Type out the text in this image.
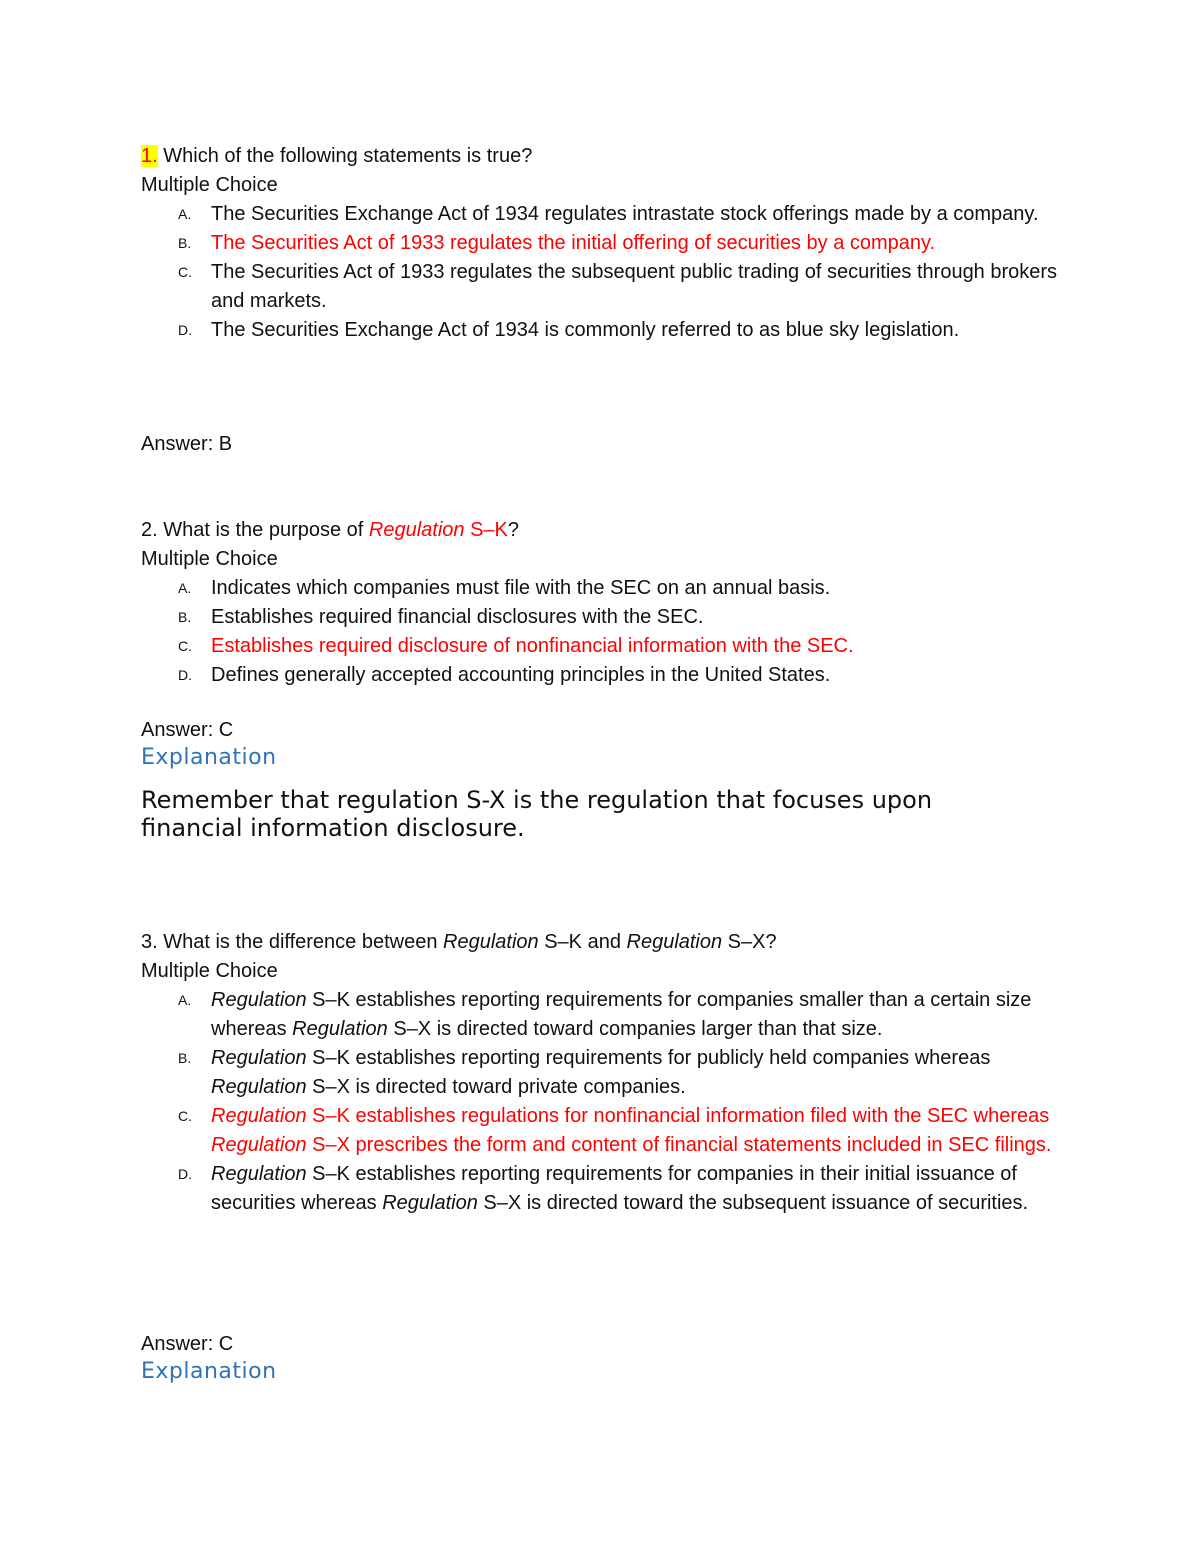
1. Which of the following statements is true?
Multiple Choice
A. The Securities Exchange Act of 1934 regulates intrastate stock offerings made by a company.
B. The Securities Act of 1933 regulates the initial offering of securities by a company.
C. The Securities Act of 1933 regulates the subsequent public trading of securities through brokers and markets.
D. The Securities Exchange Act of 1934 is commonly referred to as blue sky legislation.
Answer: B
2. What is the purpose of Regulation S–K?
Multiple Choice
A. Indicates which companies must file with the SEC on an annual basis.
B. Establishes required financial disclosures with the SEC.
C. Establishes required disclosure of nonfinancial information with the SEC.
D. Defines generally accepted accounting principles in the United States.
Answer: C
Explanation
Remember that regulation S-X is the regulation that focuses upon financial information disclosure.
3. What is the difference between Regulation S–K and Regulation S–X?
Multiple Choice
A. Regulation S–K establishes reporting requirements for companies smaller than a certain size whereas Regulation S–X is directed toward companies larger than that size.
B. Regulation S–K establishes reporting requirements for publicly held companies whereas Regulation S–X is directed toward private companies.
C. Regulation S–K establishes regulations for nonfinancial information filed with the SEC whereas Regulation S–X prescribes the form and content of financial statements included in SEC filings.
D. Regulation S–K establishes reporting requirements for companies in their initial issuance of securities whereas Regulation S–X is directed toward the subsequent issuance of securities.
Answer: C
Explanation
